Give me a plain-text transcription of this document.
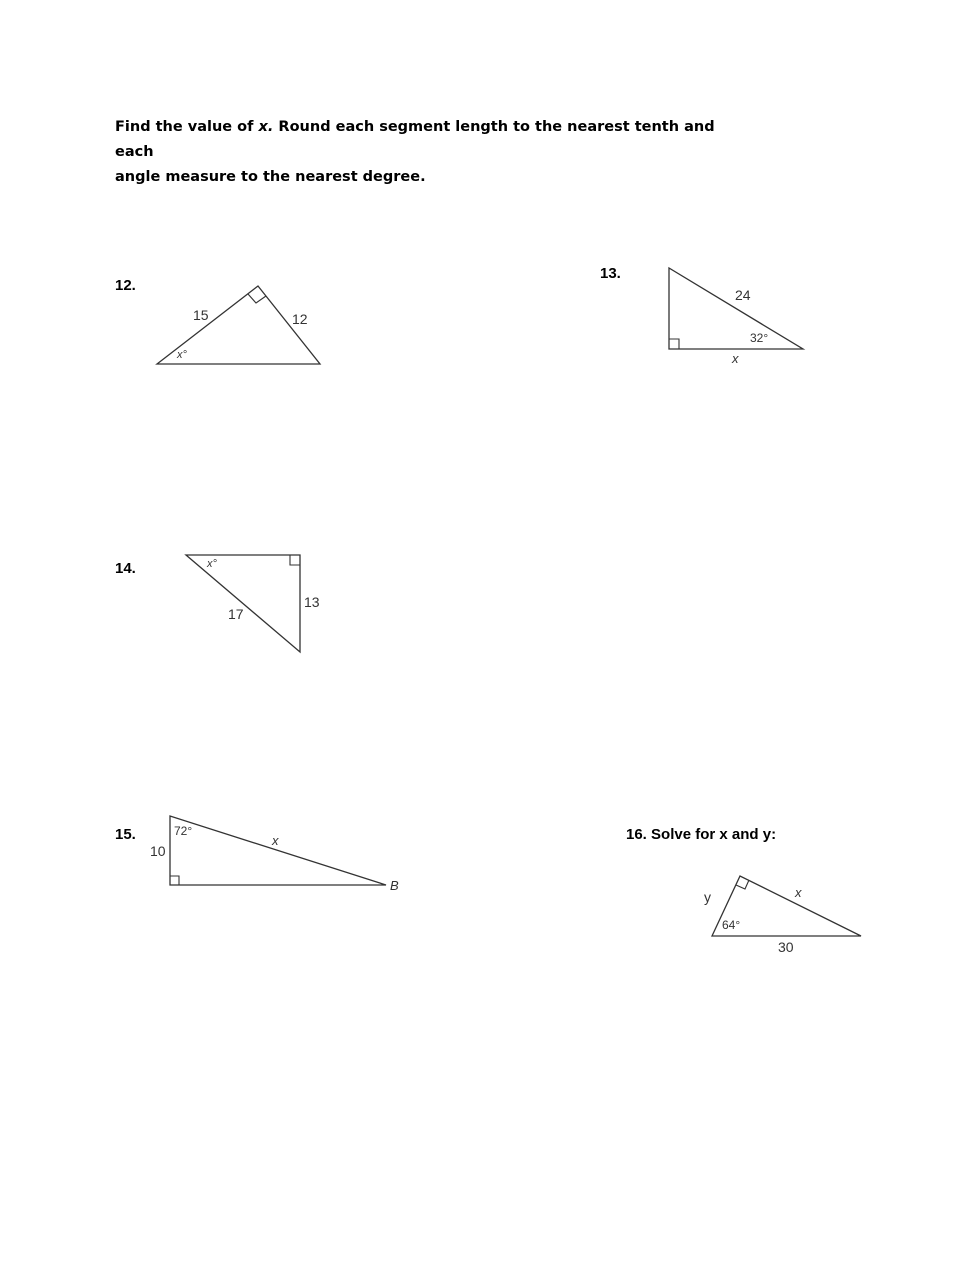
Find the value of x. Round each segment length to the nearest tenth and each
angle measure to the nearest degree.
12.
13.
14.
15.	16. Solve for x and y:
15	12
x°
24
32°
x
x°
17
13
72°
10
x
B
y	x
64°
30
